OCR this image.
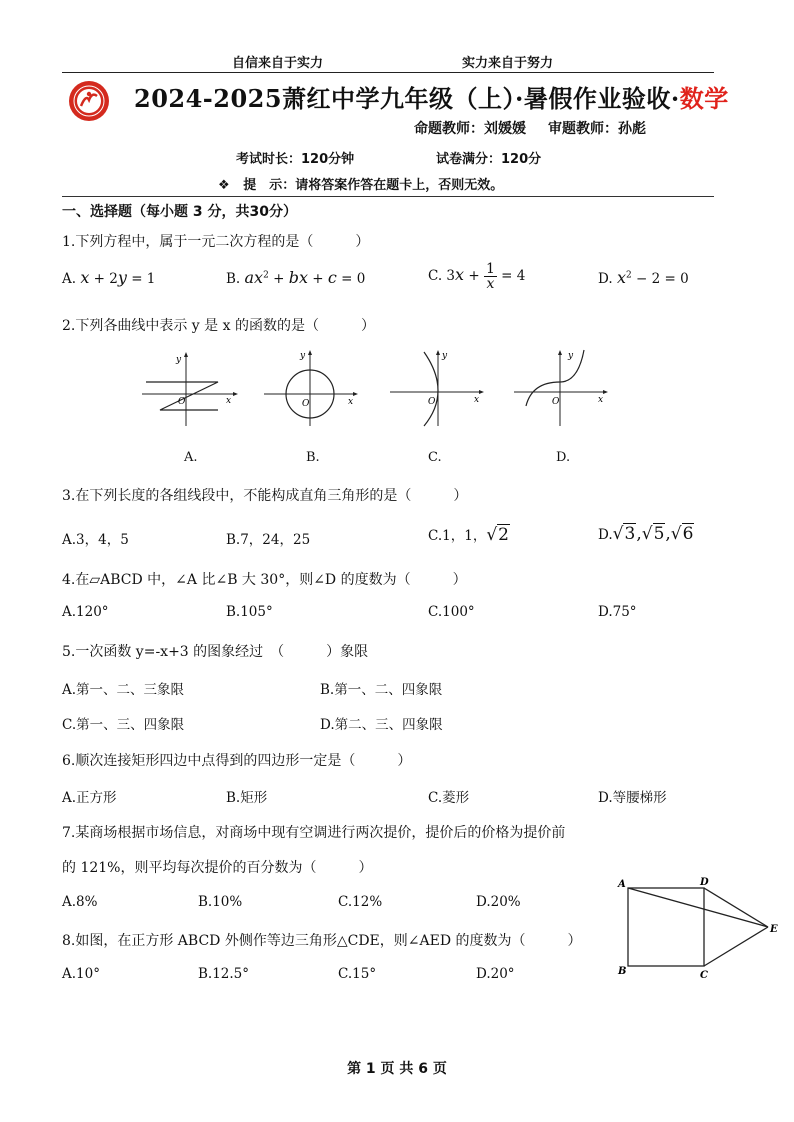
自信来自于实力	实力来自于努力
2024-2025萧红中学九年级（上）·暑假作业验收·数学
命题教师：刘媛媛 审题教师：孙彪
考试时长：120分钟	试卷满分：120分
❖ 提　示：请将答案作答在题卡上，否则无效。
一、选择题（每小题 3 分，共30分）
1.下列方程中，属于一元二次方程的是（　　　）
A. x + 2y = 1	B. $ax^2$ + bx + c = 0	C. $3x + \frac{1}{x} = 4$	D. $x^2 - 2 = 0$
2.下列各曲线中表示 y 是 x 的函数的是（　　　）
y
x
O
y
x
O
y
x
O
y
x
O
A.	B.	C.	D.
3.在下列长度的各组线段中，不能构成直角三角形的是（　　　）
A.3，4，5	B.7，24，25	C.1，1，√2	D.√3,√5,√6
4.在▱ABCD 中，∠A 比∠B 大 30°，则∠D 的度数为（　　　）
A.120°	B.105°	C.100°	D.75°
5.一次函数 y=-x+3 的图象经过　（　　　）象限
A.第一、二、三象限	B.第一、二、四象限
C.第一、三、四象限	D.第二、三、四象限
6.顺次连接矩形四边中点得到的四边形一定是（　　　）
A.正方形	B.矩形	C.菱形	D.等腰梯形
7.某商场根据市场信息，对商场中现有空调进行两次提价，提价后的价格为提价前
的 121%，则平均每次提价的百分数为（　　　）
A.8%	B.10%	C.12%	D.20%
8.如图，在正方形 ABCD 外侧作等边三角形△CDE，则∠AED 的度数为（　　　）
A.10°	B.12.5°	C.15°	D.20°
A	D
E
B	C
第 1 页 共 6 页
